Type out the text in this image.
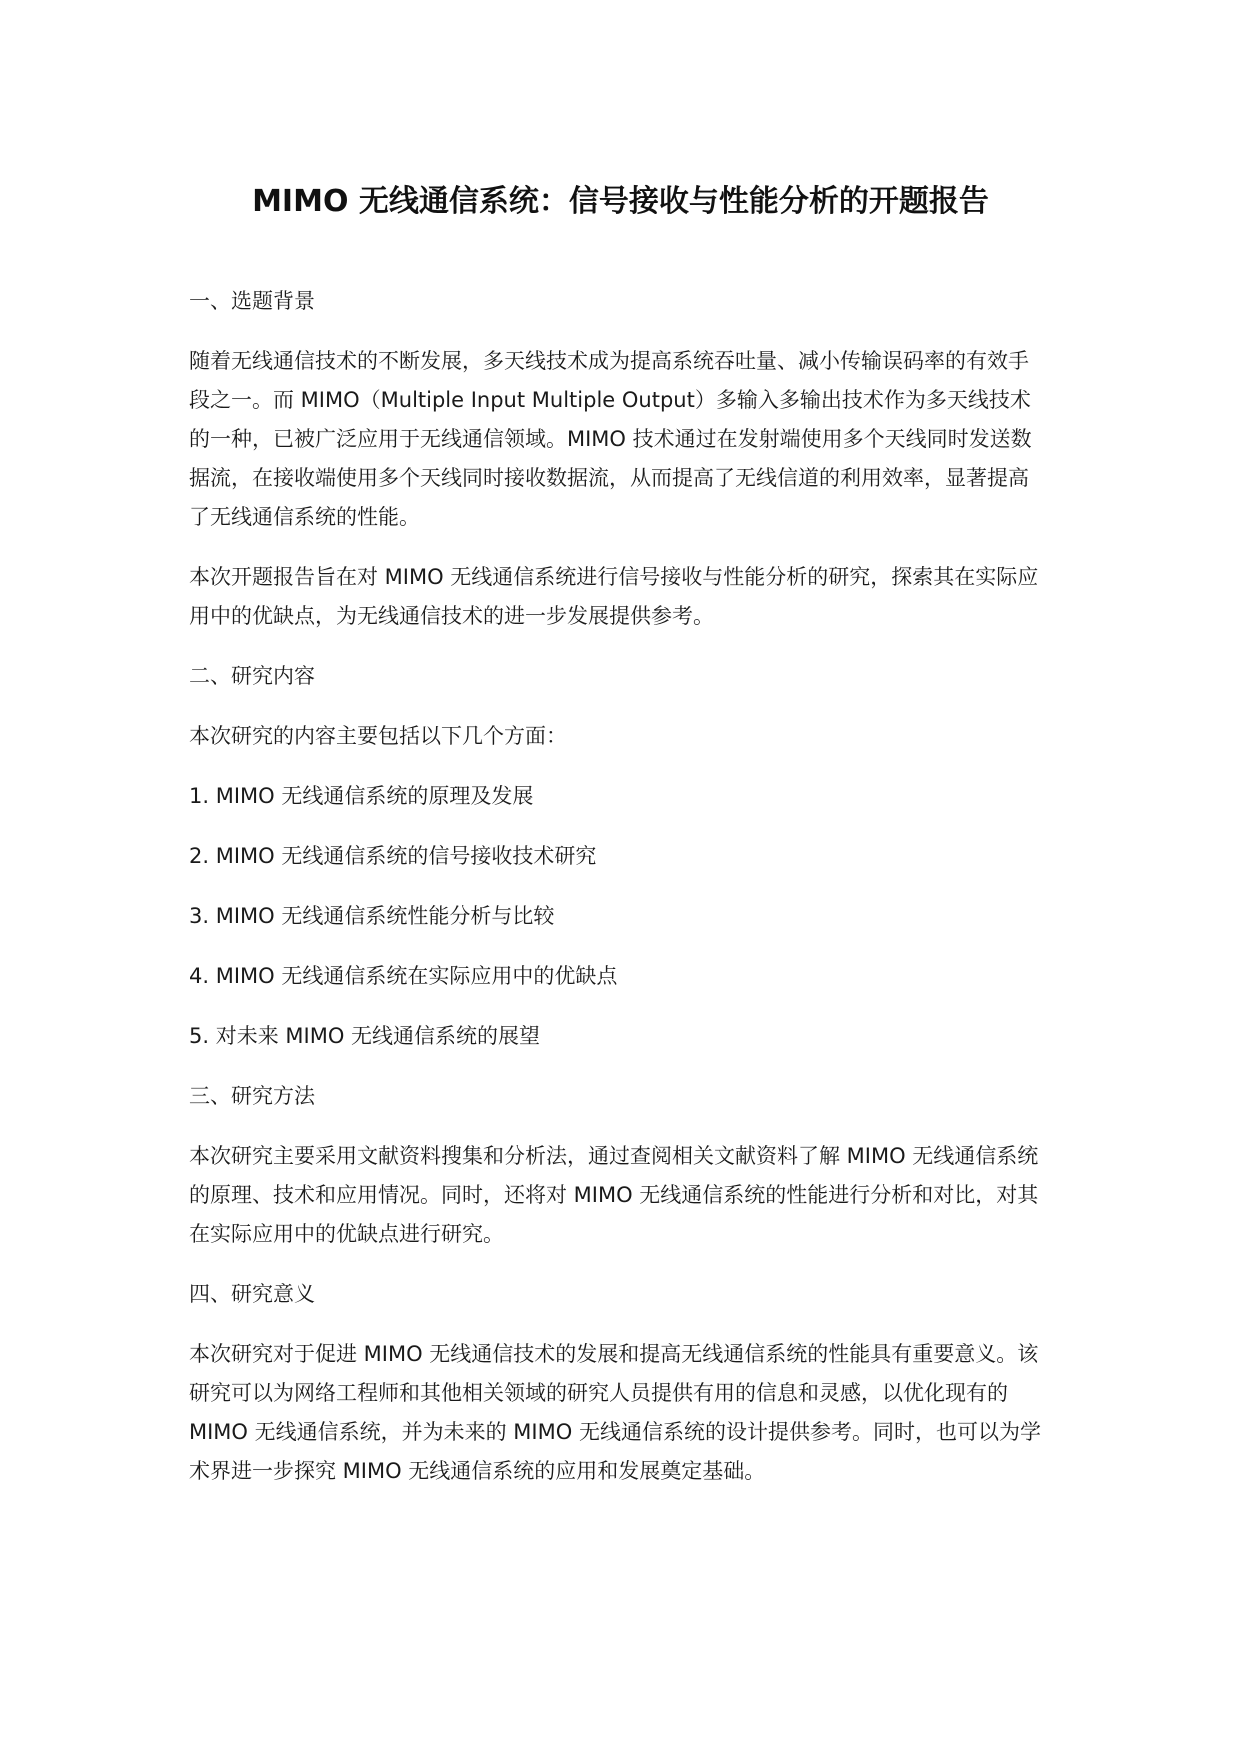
MIMO 无线通信系统：信号接收与性能分析的开题报告

一、选题背景

随着无线通信技术的不断发展，多天线技术成为提高系统吞吐量、减小传输误码率的有效手段之一。而 MIMO（Multiple Input Multiple Output）多输入多输出技术作为多天线技术的一种，已被广泛应用于无线通信领域。MIMO 技术通过在发射端使用多个天线同时发送数据流，在接收端使用多个天线同时接收数据流，从而提高了无线信道的利用效率，显著提高了无线通信系统的性能。

本次开题报告旨在对 MIMO 无线通信系统进行信号接收与性能分析的研究，探索其在实际应用中的优缺点，为无线通信技术的进一步发展提供参考。

二、研究内容

本次研究的内容主要包括以下几个方面：

1. MIMO 无线通信系统的原理及发展

2. MIMO 无线通信系统的信号接收技术研究

3. MIMO 无线通信系统性能分析与比较

4. MIMO 无线通信系统在实际应用中的优缺点

5. 对未来 MIMO 无线通信系统的展望

三、研究方法

本次研究主要采用文献资料搜集和分析法，通过查阅相关文献资料了解 MIMO 无线通信系统的原理、技术和应用情况。同时，还将对 MIMO 无线通信系统的性能进行分析和对比，对其在实际应用中的优缺点进行研究。

四、研究意义

本次研究对于促进 MIMO 无线通信技术的发展和提高无线通信系统的性能具有重要意义。该研究可以为网络工程师和其他相关领域的研究人员提供有用的信息和灵感，以优化现有的 MIMO 无线通信系统，并为未来的 MIMO 无线通信系统的设计提供参考。同时，也可以为学术界进一步探究 MIMO 无线通信系统的应用和发展奠定基础。
